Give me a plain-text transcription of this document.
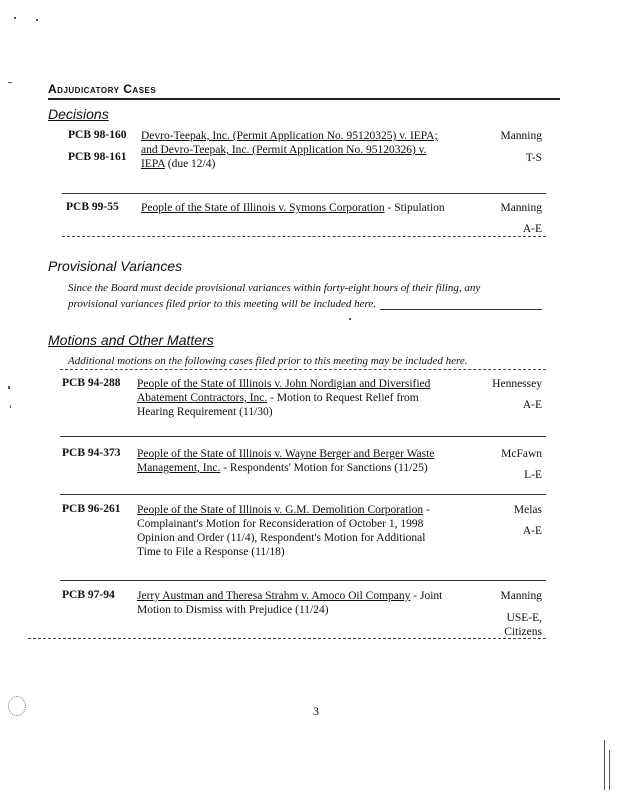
Adjudicatory Cases
Decisions
PCB 98-160
PCB 98-161
Devro-Teepak, Inc. (Permit Application No. 95120325) v. IEPA;
and Devro-Teepak, Inc. (Permit Application No. 95120326) v.
IEPA (due 12/4)
Manning
T-S
PCB 99-55 People of the State of Illinois v. Symons Corporation - Stipulation	Manning
A-E
Provisional Variances
Since the Board must decide provisional variances within forty-eight hours of their filing, any
provisional variances filed prior to this meeting will be included here.
Motions and Other Matters
Additional motions on the following cases filed prior to this meeting may be included here.
PCB 94-288 People of the State of Illinois v. John Nordigian and Diversified
Abatement Contractors, Inc. - Motion to Request Relief from
Hearing Requirement (11/30)
Hennessey
A-E
PCB 94-373 People of the State of Illinois v. Wayne Berger and Berger Waste
Management, Inc. - Respondents' Motion for Sanctions (11/25)
McFawn
L-E
PCB 96-261 People of the State of Illinois v. G.M. Demolition Corporation -
Complainant's Motion for Reconsideration of October 1, 1998
Opinion and Order (11/4), Respondent's Motion for Additional
Time to File a Response (11/18)
Melas
A-E
PCB 97-94 Jerry Austman and Theresa Strahm v. Amoco Oil Company - Joint
Motion to Dismiss with Prejudice (11/24)
Manning
USE-E,
Citizens
3
